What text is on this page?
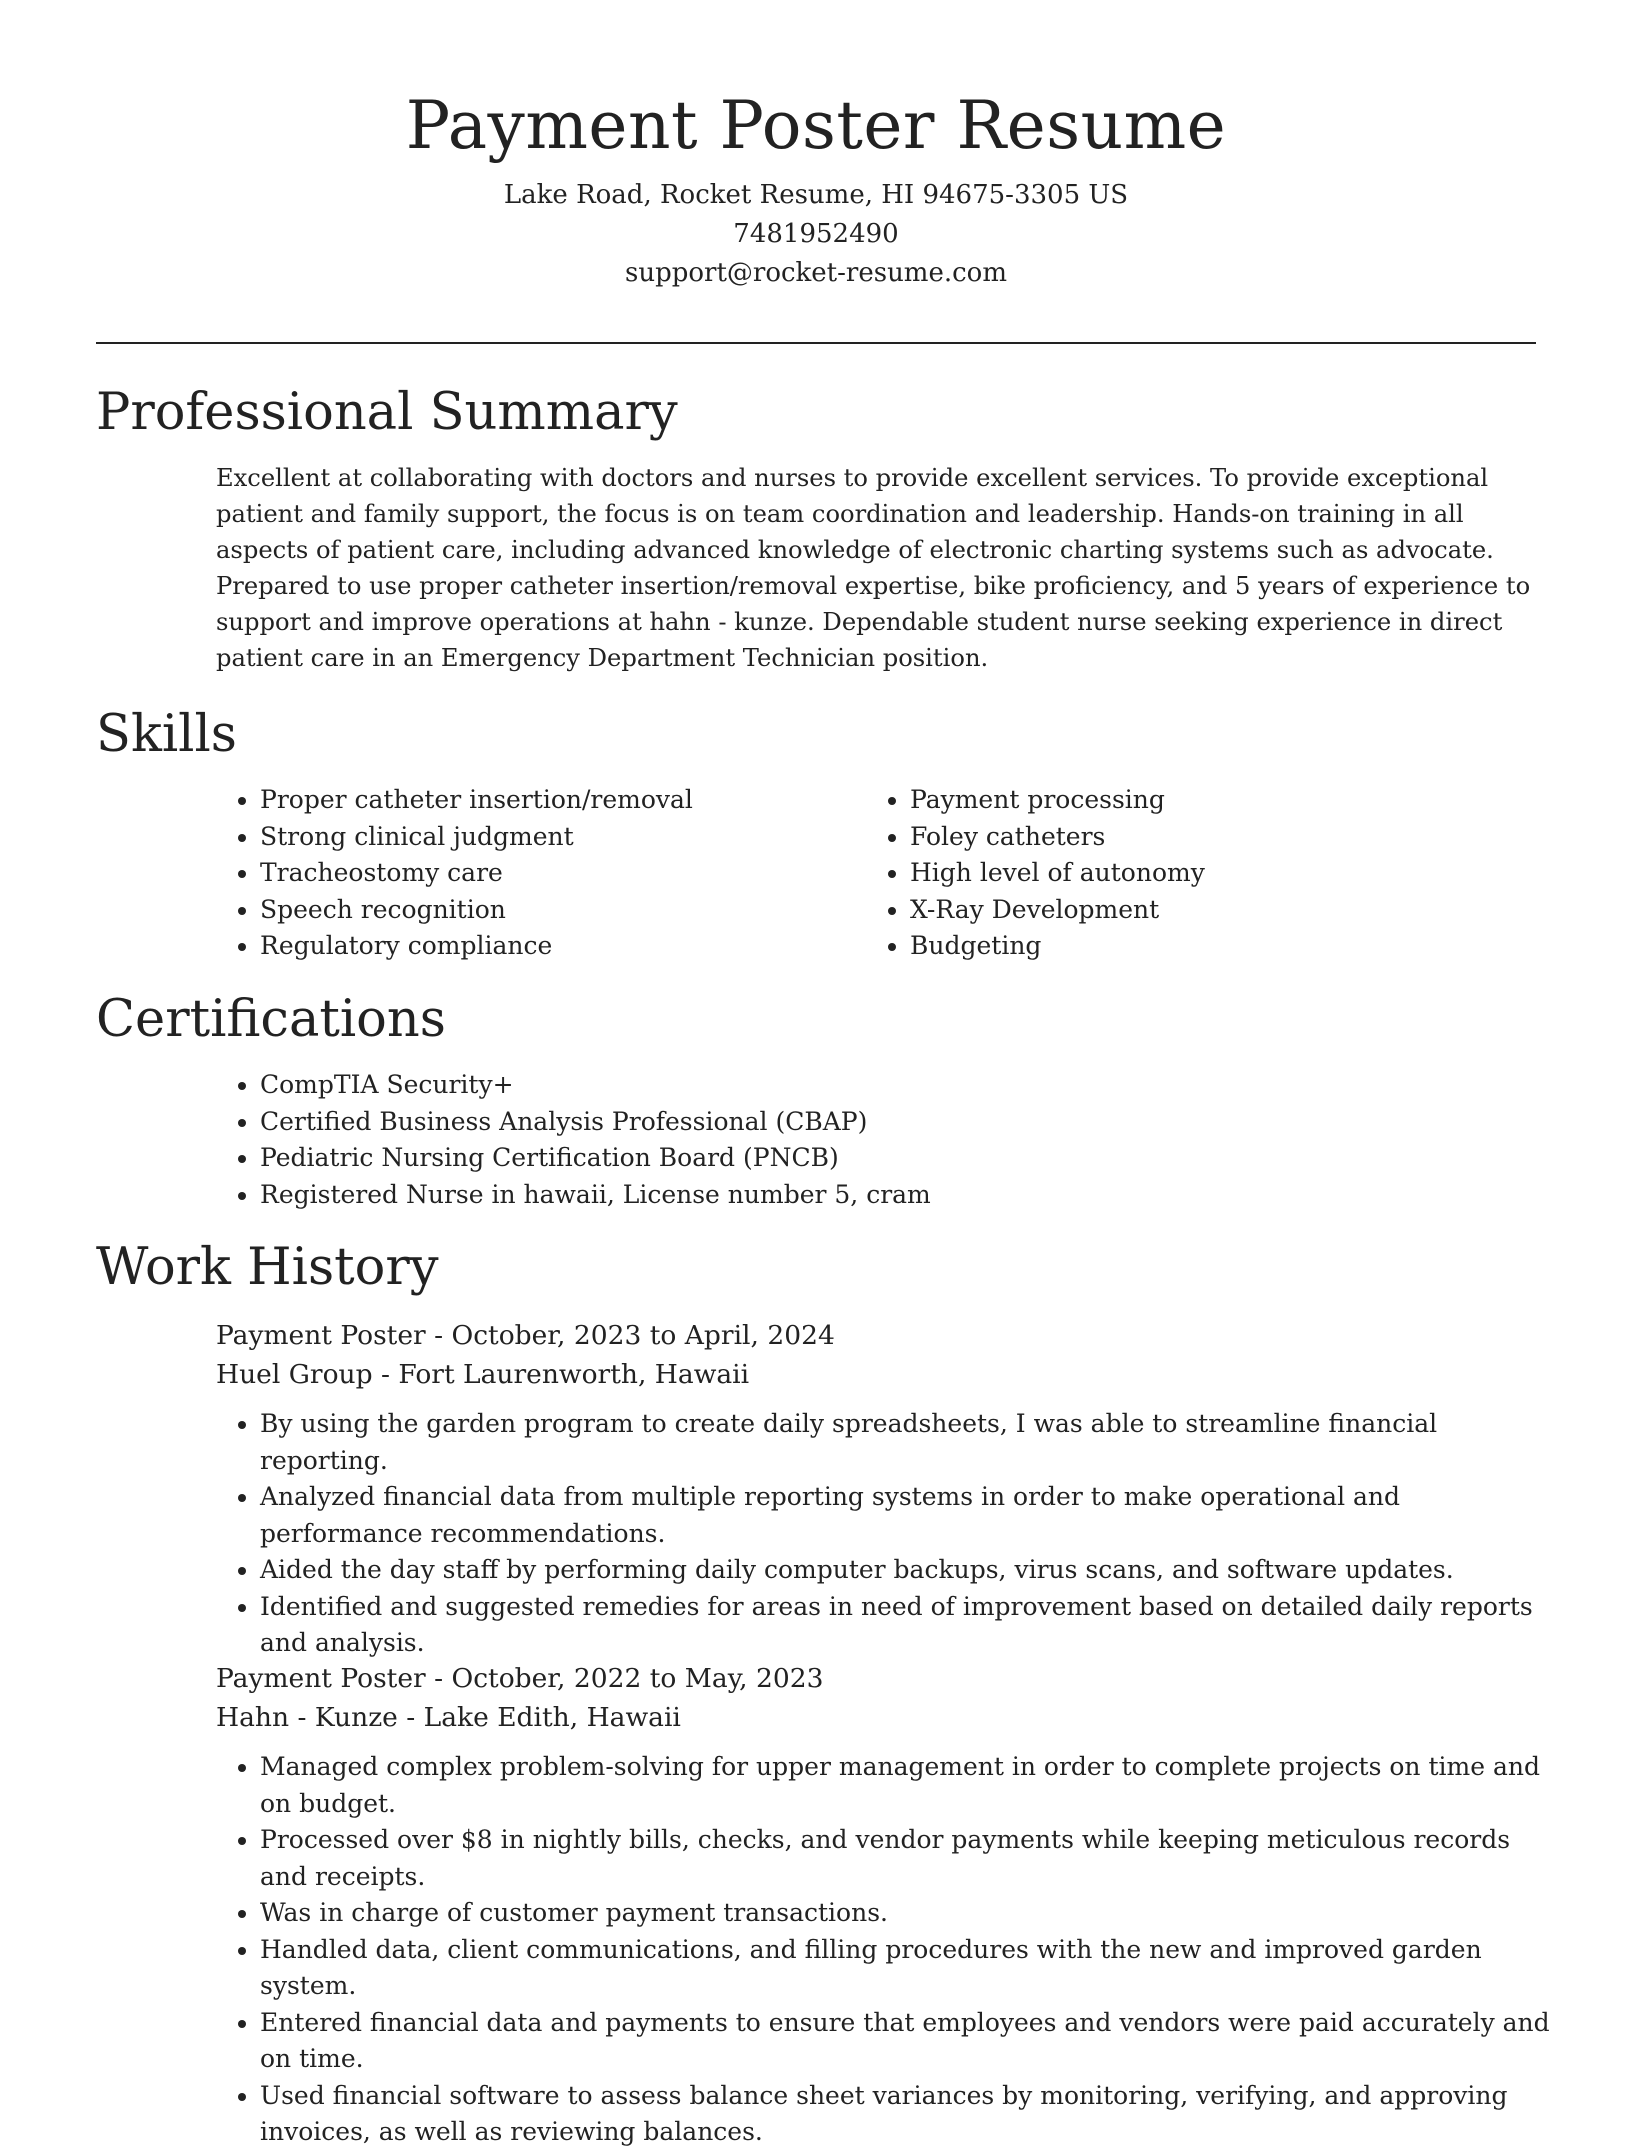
Payment Poster Resume
Lake Road, Rocket Resume, HI 94675-3305 US
7481952490
support@rocket-resume.com
Professional Summary

Excellent at collaborating with doctors and nurses to provide excellent services. To provide exceptional patient and family support, the focus is on team coordination and leadership. Hands-on training in all aspects of patient care, including advanced knowledge of electronic charting systems such as advocate. Prepared to use proper catheter insertion/removal expertise, bike proficiency, and 5 years of experience to support and improve operations at hahn - kunze. Dependable student nurse seeking experience in direct patient care in an Emergency Department Technician position.

Skills
• Proper catheter insertion/removal
• Strong clinical judgment
• Tracheostomy care
• Speech recognition
• Regulatory compliance
• Payment processing
• Foley catheters
• High level of autonomy
• X-Ray Development
• Budgeting
Certifications
• CompTIA Security+
• Certified Business Analysis Professional (CBAP)
• Pediatric Nursing Certification Board (PNCB)
• Registered Nurse in hawaii, License number 5, cram
Work History
Payment Poster - October, 2023 to April, 2024
Huel Group - Fort Laurenworth, Hawaii
• By using the garden program to create daily spreadsheets, I was able to streamline financial reporting.
• Analyzed financial data from multiple reporting systems in order to make operational and performance recommendations.
• Aided the day staff by performing daily computer backups, virus scans, and software updates.
• Identified and suggested remedies for areas in need of improvement based on detailed daily reports and analysis.
Payment Poster - October, 2022 to May, 2023
Hahn - Kunze - Lake Edith, Hawaii
• Managed complex problem-solving for upper management in order to complete projects on time and on budget.
• Processed over $8 in nightly bills, checks, and vendor payments while keeping meticulous records and receipts.
• Was in charge of customer payment transactions.
• Handled data, client communications, and filling procedures with the new and improved garden system.
• Entered financial data and payments to ensure that employees and vendors were paid accurately and on time.
• Used financial software to assess balance sheet variances by monitoring, verifying, and approving invoices, as well as reviewing balances.
